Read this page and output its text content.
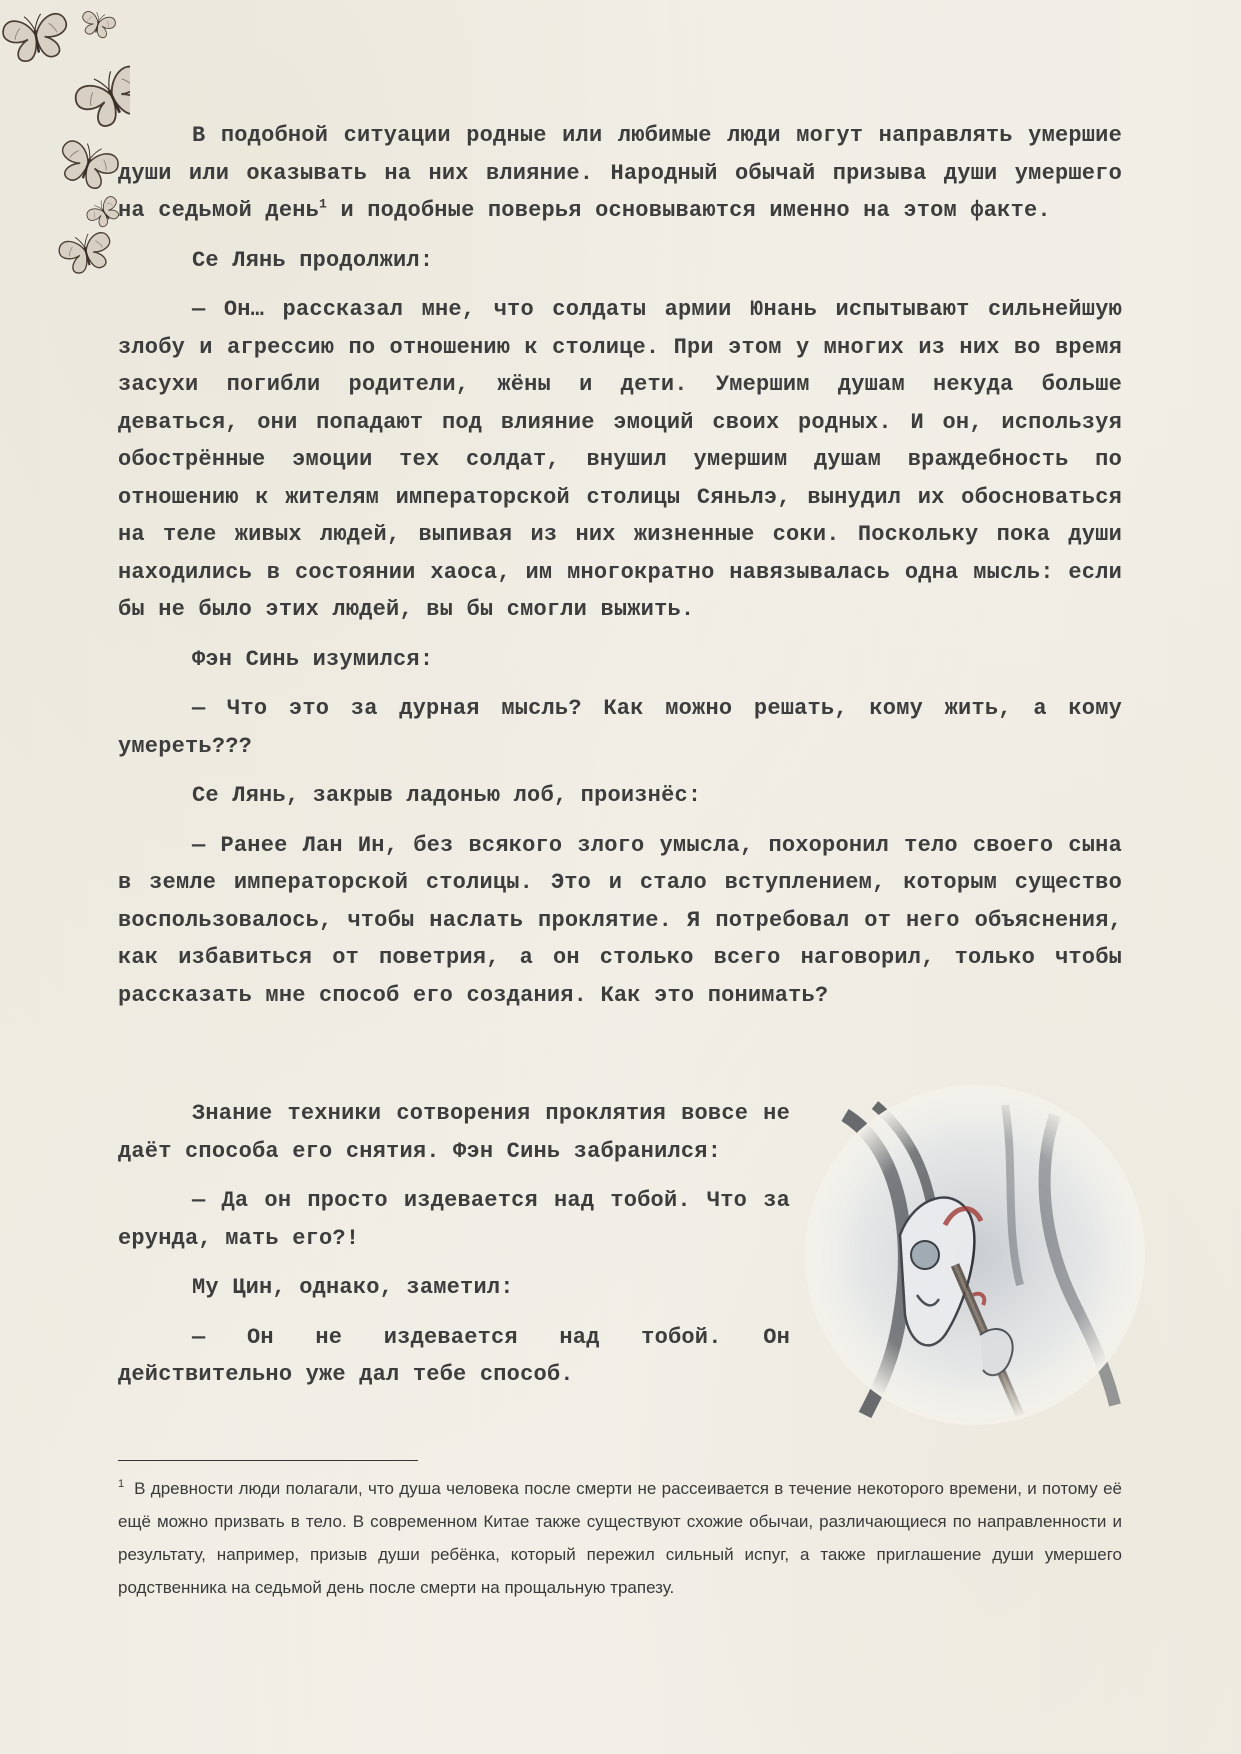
В подобной ситуации родные или любимые люди могут направлять умершие души или оказывать на них влияние. Народный обычай призыва души умершего на седьмой день$^1$ и подобные поверья основываются именно на этом факте.

Се Лянь продолжил:

— Он… рассказал мне, что солдаты армии Юнань испытывают сильнейшую злобу и агрессию по отношению к столице. При этом у многих из них во время засухи погибли родители, жёны и дети. Умершим душам некуда больше деваться, они попадают под влияние эмоций своих родных. И он, используя обострённые эмоции тех солдат, внушил умершим душам враждебность по отношению к жителям императорской столицы Сяньлэ, вынудил их обосноваться на теле живых людей, выпивая из них жизненные соки. Поскольку пока души находились в состоянии хаоса, им многократно навязывалась одна мысль: если бы не было этих людей, вы бы смогли выжить.

Фэн Синь изумился:

— Что это за дурная мысль? Как можно решать, кому жить, а кому умереть???

Се Лянь, закрыв ладонью лоб, произнёс:

— Ранее Лан Ин, без всякого злого умысла, похоронил тело своего сына в земле императорской столицы. Это и стало вступлением, которым существо воспользовалось, чтобы наслать проклятие. Я потребовал от него объяснения, как избавиться от поветрия, а он столько всего наговорил, только чтобы рассказать мне способ его создания. Как это понимать?

Знание техники сотворения проклятия вовсе не даёт способа его снятия. Фэн Синь забранился:

— Да он просто издевается над тобой. Что за ерунда, мать его?!

Му Цин, однако, заметил:

— Он не издевается над тобой. Он действительно уже дал тебе способ.

$^1$ В древности люди полагали, что душа человека после смерти не рассеивается в течение некоторого времени, и потому её ещё можно призвать в тело. В современном Китае также существуют схожие обычаи, различающиеся по направленности и результату, например, призыв души ребёнка, который пережил сильный испуг, а также приглашение души умершего родственника на седьмой день после смерти на прощальную трапезу.
